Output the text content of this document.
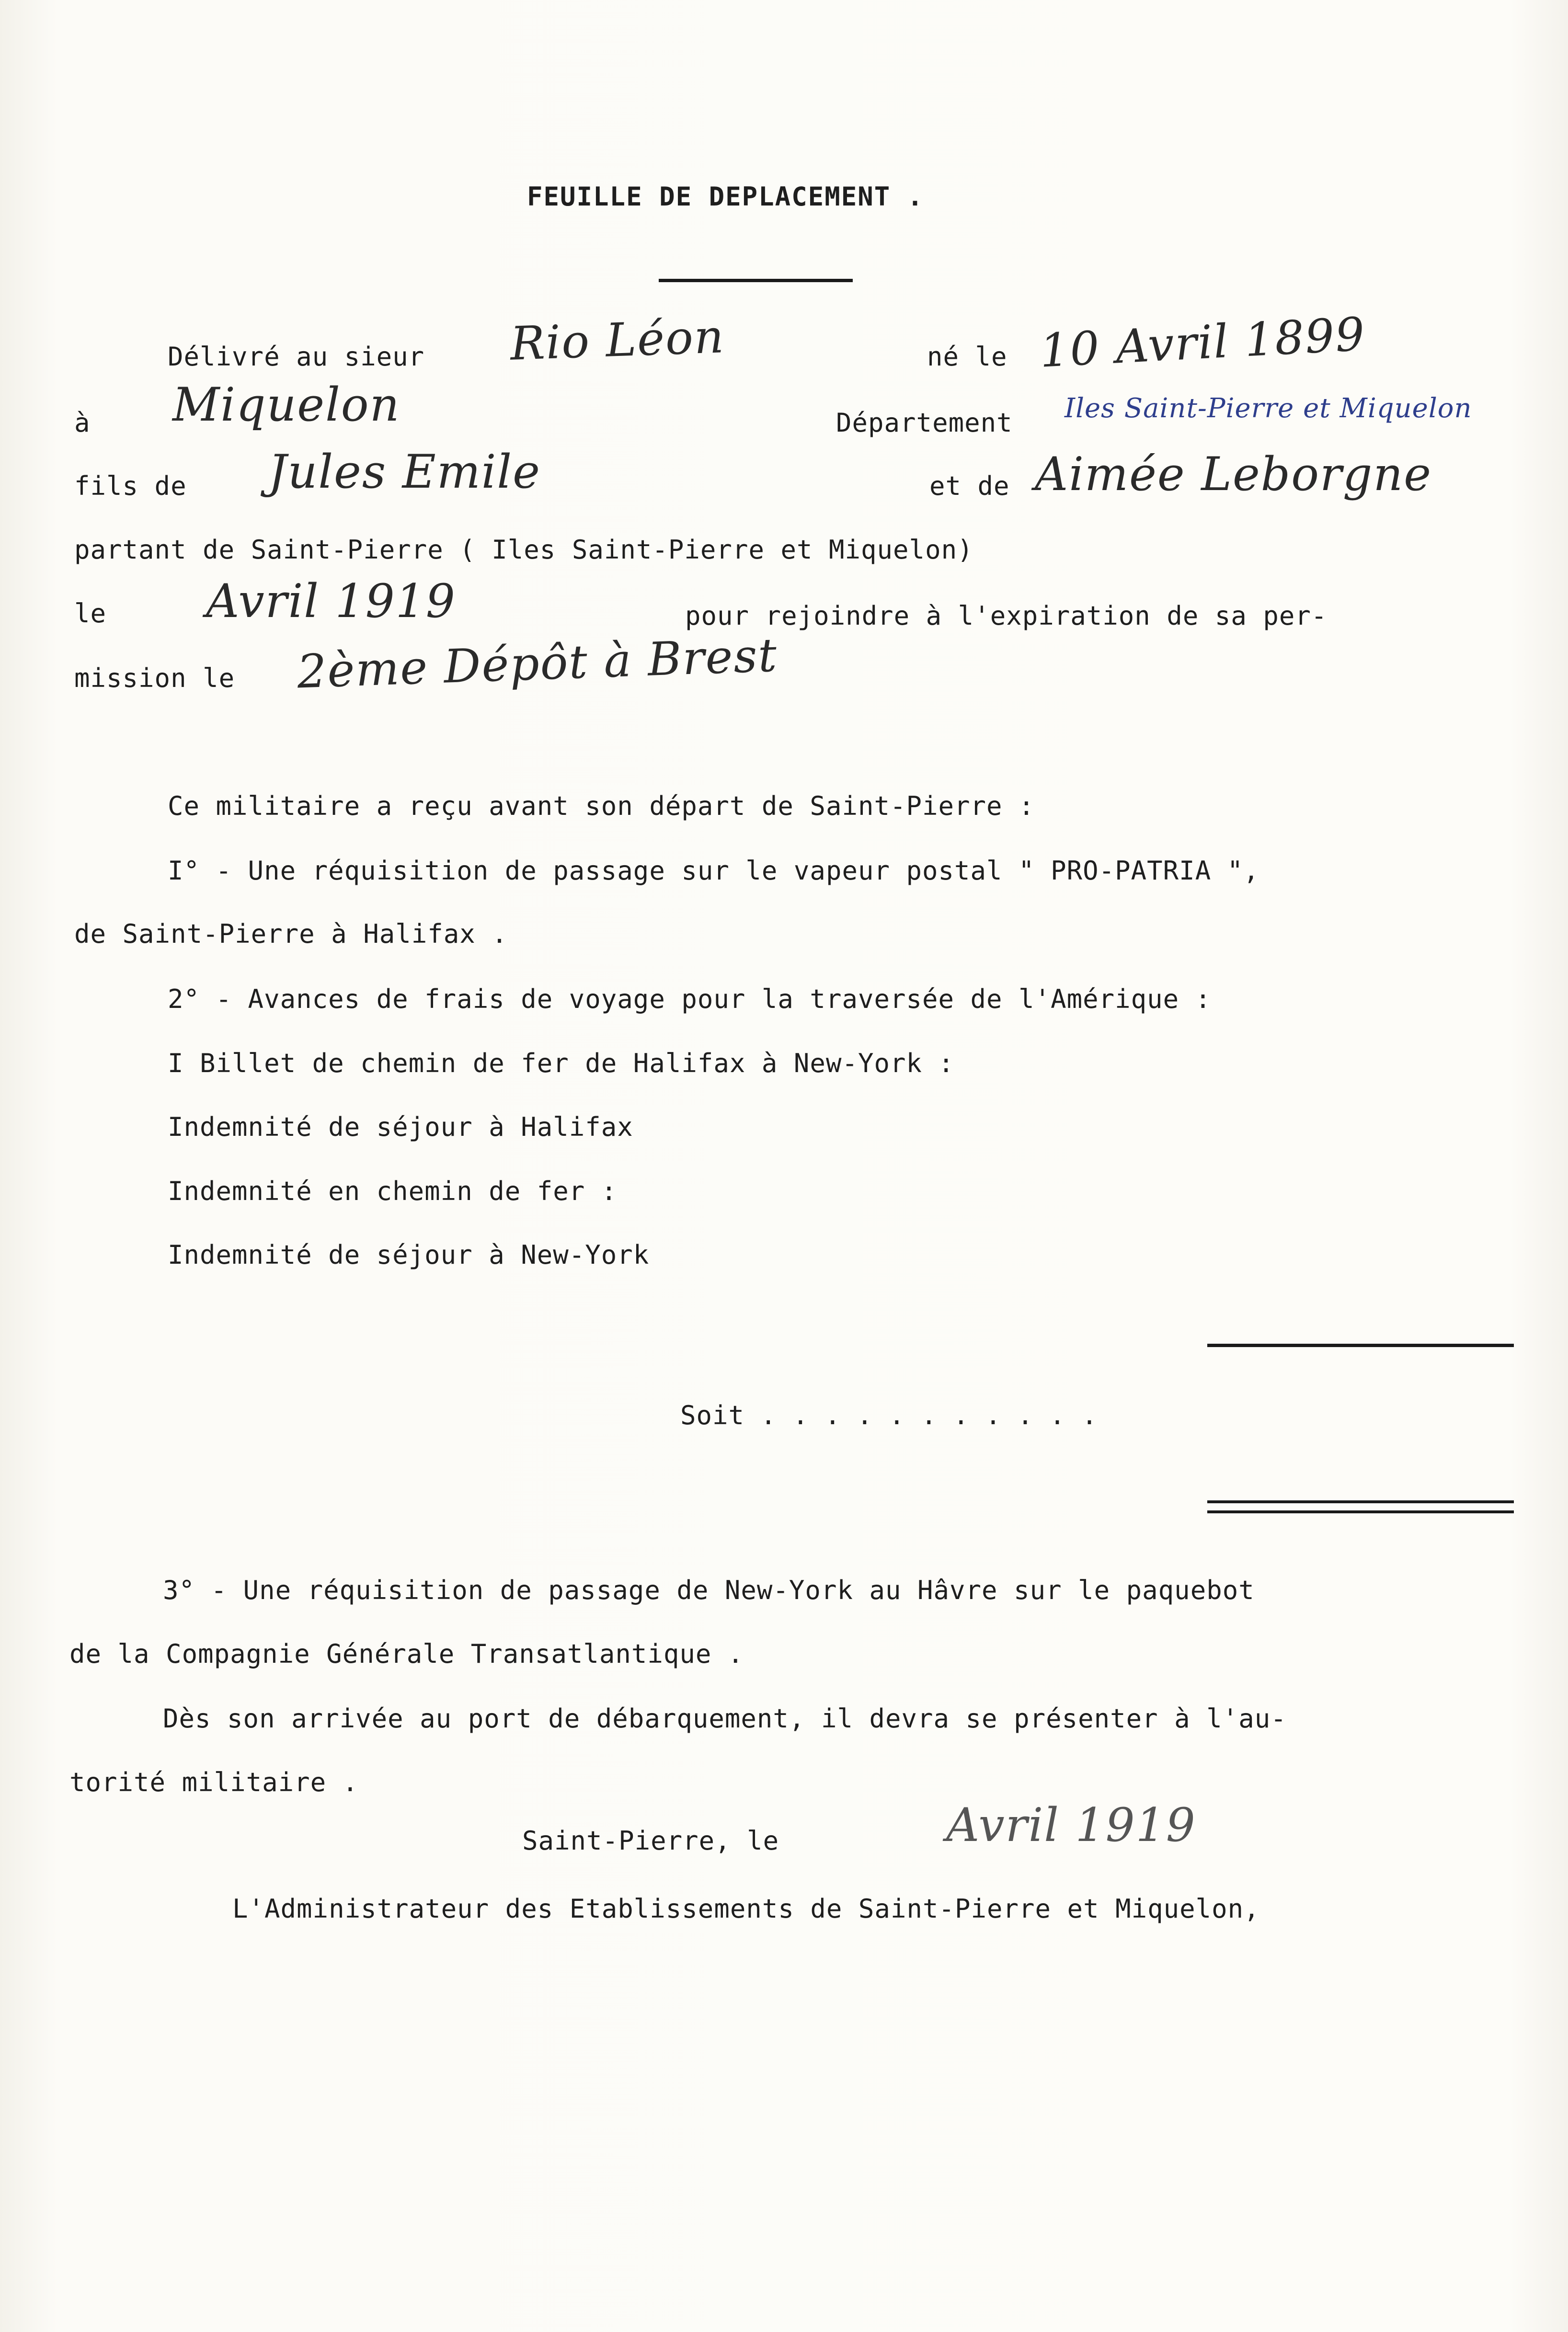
FEUILLE DE DEPLACEMENT .
Délivré au sieur Rio Léon	né le 10 Avril 1899
à Miquelon	Département Iles Saint-Pierre et Miquelon
fils de Jules Emile	et de Aimée Leborgne
partant de Saint-Pierre ( Iles Saint-Pierre et Miquelon)
le Avril 1919	pour rejoindre à l'expiration de sa per-
mission le 2ème Dépôt à Brest
Ce militaire a reçu avant son départ de Saint-Pierre :
I° - Une réquisition de passage sur le vapeur postal " PRO-PATRIA ",
de Saint-Pierre à Halifax .
2° - Avances de frais de voyage pour la traversée de l'Amérique :
I Billet de chemin de fer de Halifax à New-York :
Indemnité de séjour à Halifax
Indemnité en chemin de fer :
Indemnité de séjour à New-York
Soit . . . . . . . . . . .
3° - Une réquisition de passage de New-York au Hâvre sur le paquebot
de la Compagnie Générale Transatlantique .
Dès son arrivée au port de débarquement, il devra se présenter à l'au-
torité militaire .
Saint-Pierre, le	Avril 1919
L'Administrateur des Etablissements de Saint-Pierre et Miquelon,
